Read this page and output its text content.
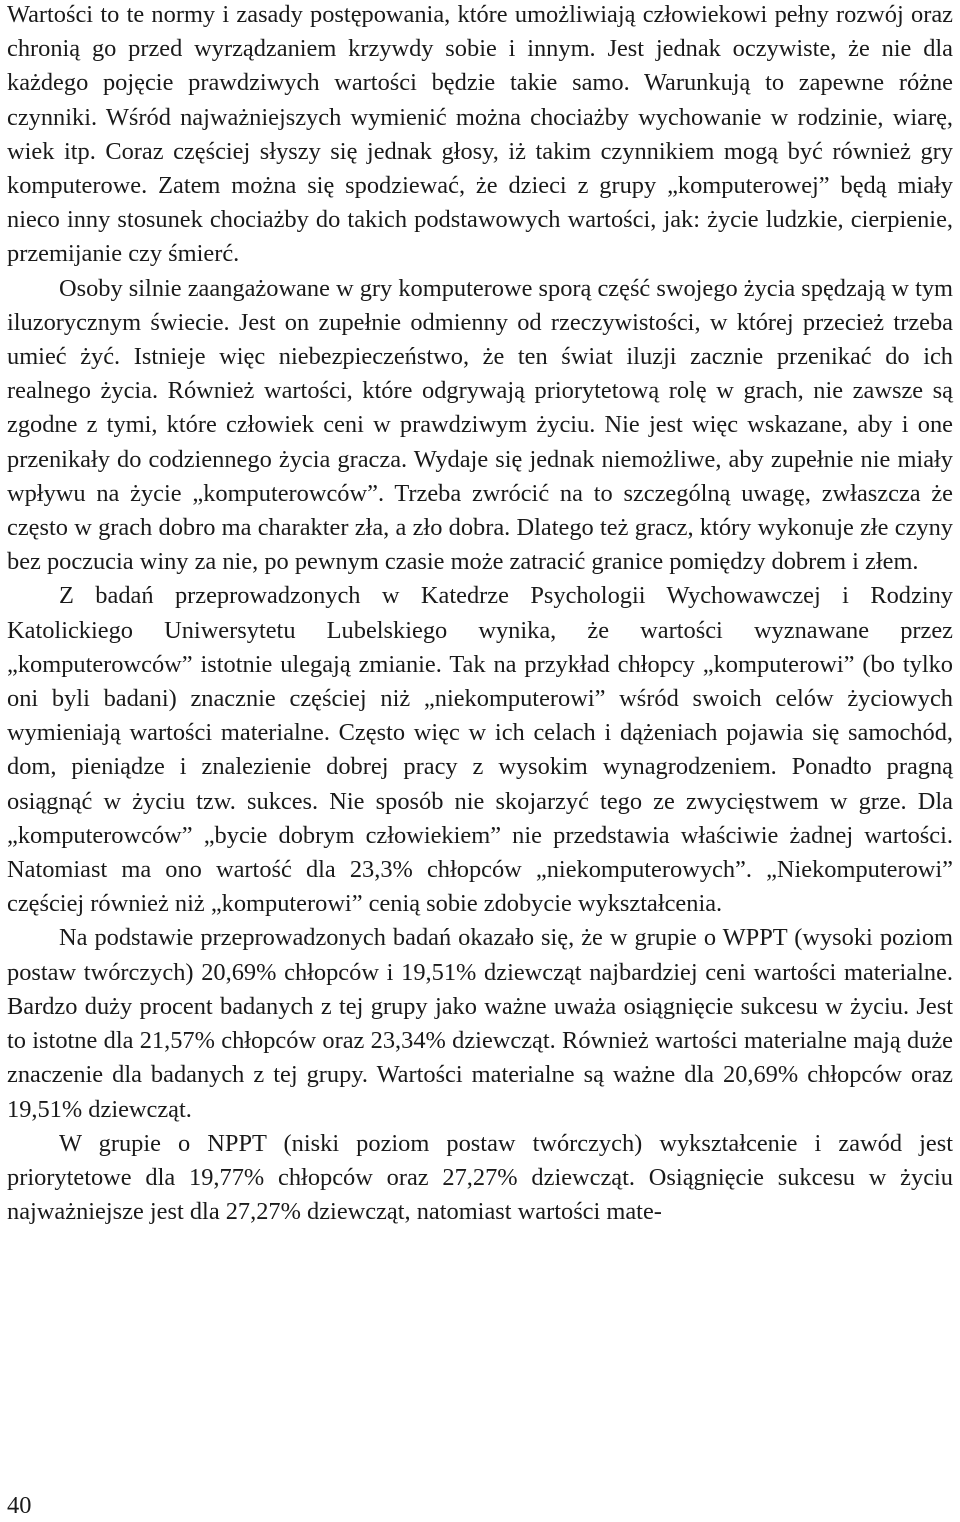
Wartości to te normy i zasady postępowania, które umożliwiają człowiekowi pełny rozwój oraz chronią go przed wyrządzaniem krzywdy sobie i innym. Jest jednak oczywiste, że nie dla każdego pojęcie prawdziwych wartości będzie takie samo. Warunkują to zapewne różne czynniki. Wśród najważniejszych wymienić można chociażby wychowanie w rodzinie, wiarę, wiek itp. Coraz częściej słyszy się jednak głosy, iż takim czynnikiem mogą być również gry komputerowe. Zatem można się spodziewać, że dzieci z grupy „komputerowej” będą miały nieco inny stosunek chociażby do takich podstawowych wartości, jak: życie ludzkie, cierpienie, przemijanie czy śmierć.

Osoby silnie zaangażowane w gry komputerowe sporą część swojego życia spędzają w tym iluzorycznym świecie. Jest on zupełnie odmienny od rzeczywistości, w której przecież trzeba umieć żyć. Istnieje więc niebezpieczeństwo, że ten świat iluzji zacznie przenikać do ich realnego życia. Również wartości, które odgrywają priorytetową rolę w grach, nie zawsze są zgodne z tymi, które człowiek ceni w prawdziwym życiu. Nie jest więc wskazane, aby i one przenikały do codziennego życia gracza. Wydaje się jednak niemożliwe, aby zupełnie nie miały wpływu na życie „komputerowców”. Trzeba zwrócić na to szczególną uwagę, zwłaszcza że często w grach dobro ma charakter zła, a zło dobra. Dlatego też gracz, który wykonuje złe czyny bez poczucia winy za nie, po pewnym czasie może zatracić granice pomiędzy dobrem i złem.

Z badań przeprowadzonych w Katedrze Psychologii Wychowawczej i Rodziny Katolickiego Uniwersytetu Lubelskiego wynika, że wartości wyznawane przez „komputerowców” istotnie ulegają zmianie. Tak na przykład chłopcy „komputerowi” (bo tylko oni byli badani) znacznie częściej niż „niekomputerowi” wśród swoich celów życiowych wymieniają wartości materialne. Często więc w ich celach i dążeniach pojawia się samochód, dom, pieniądze i znalezienie dobrej pracy z wysokim wynagrodzeniem. Ponadto pragną osiągnąć w życiu tzw. sukces. Nie sposób nie skojarzyć tego ze zwycięstwem w grze. Dla „komputerowców” „bycie dobrym człowiekiem” nie przedstawia właściwie żadnej wartości. Natomiast ma ono wartość dla 23,3% chłopców „niekomputerowych”. „Niekomputerowi” częściej również niż „komputerowi” cenią sobie zdobycie wykształcenia.

Na podstawie przeprowadzonych badań okazało się, że w grupie o WPPT (wysoki poziom postaw twórczych) 20,69% chłopców i 19,51% dziewcząt najbardziej ceni wartości materialne. Bardzo duży procent badanych z tej grupy jako ważne uważa osiągnięcie sukcesu w życiu. Jest to istotne dla 21,57% chłopców oraz 23,34% dziewcząt. Również wartości materialne mają duże znaczenie dla badanych z tej grupy. Wartości materialne są ważne dla 20,69% chłopców oraz 19,51% dziewcząt.

W grupie o NPPT (niski poziom postaw twórczych) wykształcenie i zawód jest priorytetowe dla 19,77% chłopców oraz 27,27% dziewcząt. Osiągnięcie sukcesu w życiu najważniejsze jest dla 27,27% dziewcząt, natomiast wartości mate-

40
